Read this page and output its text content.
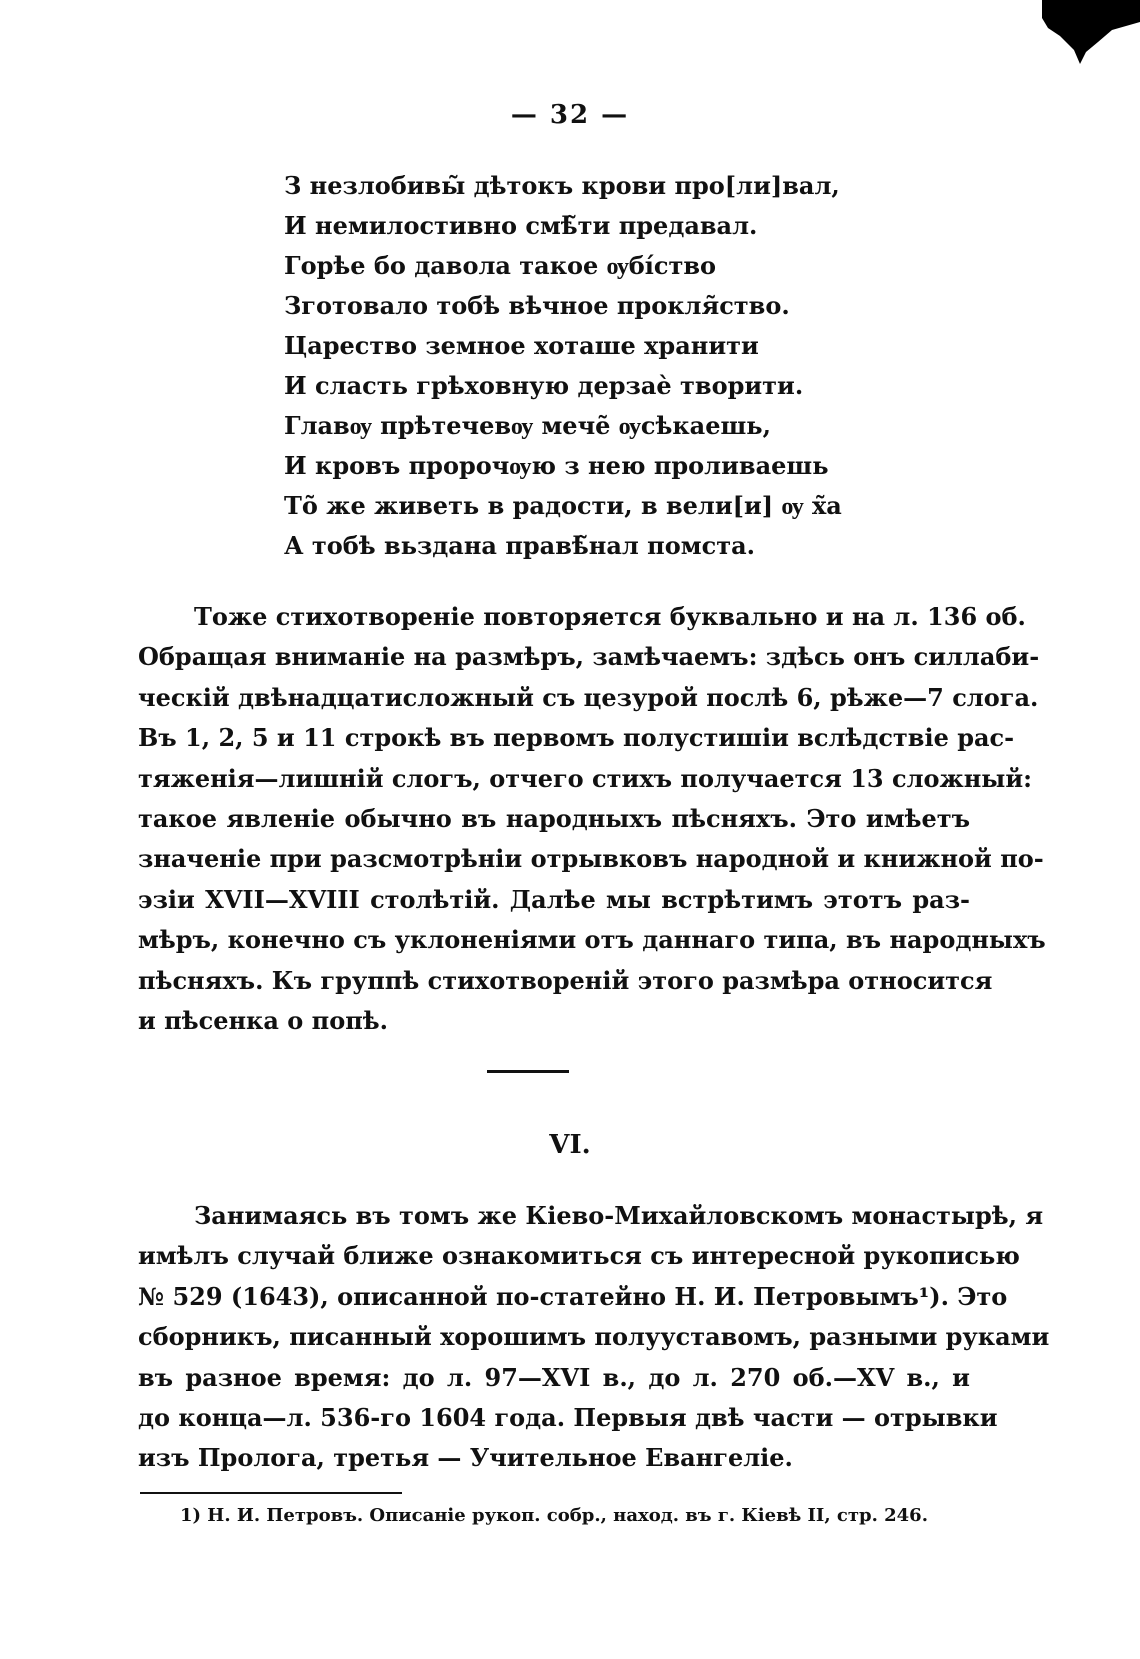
— 32 —
З незлобивы̃ дѣтокъ крови про[ли]вал,
И немилостивно смѣ̃ти предавал.
Горѣе бо давола такое ѹбі́ство
Зготовало тобѣ вѣчное прокля̃ство.
Царество земное хоташе хранити
И сласть грѣховную дерзаѐ творити.
Главѹ прѣтечевѹ мече̃ ѹсѣкаешь,
И кровъ пророчѹю з нею проливаешь
То̃ же живеть в радости, в вели[и] ѹ х̃а
А тобѣ вьздана правѣ̃нал помста.
Тоже стихотвореніе повторяется буквально и на л. 136 об.
Обращая вниманіе на размѣръ, замѣчаемъ: здѣсь онъ силлаби-
ческій двѣнадцатисложный съ цезурой послѣ 6, рѣже—7 слога.
Въ 1, 2, 5 и 11 строкѣ въ первомъ полустишіи вслѣдствіе рас-
тяженія—лишній слогъ, отчего стихъ получается 13 сложный:
такое явленіе обычно въ народныхъ пѣсняхъ. Это имѣетъ
значеніе при разсмотрѣніи отрывковъ народной и книжной по-
эзіи XVII—XVIII столѣтій. Далѣе мы встрѣтимъ этотъ раз-
мѣръ, конечно съ уклоненіями отъ даннаго типа, въ народныхъ
пѣсняхъ. Къ группѣ стихотвореній этого размѣра относится
и пѣсенка о попѣ.
VI.
Занимаясь въ томъ же Кіево-Михайловскомъ монастырѣ, я
имѣлъ случай ближе ознакомиться съ интересной рукописью
№ 529 (1643), описанной по-статейно Н. И. Петровымъ¹). Это
сборникъ, писанный хорошимъ полууставомъ, разными руками
въ разное время: до л. 97—XVI в., до л. 270 об.—XV в., и
до конца—л. 536-го 1604 года. Первыя двѣ части — отрывки
изъ Пролога, третья — Учительное Евангеліе.
1) Н. И. Петровъ. Описаніе рукоп. собр., наход. въ г. Кіевѣ II, стр. 246.
